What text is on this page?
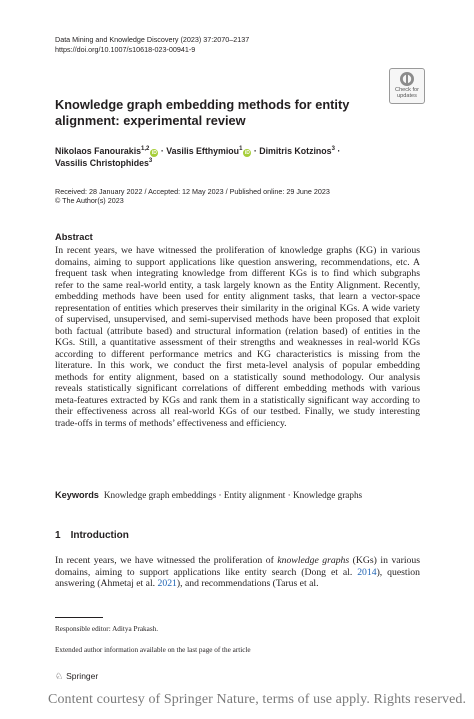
Data Mining and Knowledge Discovery (2023) 37:2070–2137
https://doi.org/10.1007/s10618-023-00941-9
Check for
updates
Knowledge graph embedding methods for entity
alignment: experimental review
Nikolaos Fanourakis$^{1,2}$iD · Vasilis Efthymiou$^1$iD · Dimitris Kotzinos$^3$ ·
Vassilis Christophides$^3$
Received: 28 January 2022 / Accepted: 12 May 2023 / Published online: 29 June 2023
© The Author(s) 2023
Abstract
In recent years, we have witnessed the proliferation of knowledge graphs (KG) in various domains, aiming to support applications like question answering, recommendations, etc. A frequent task when integrating knowledge from different KGs is to find which subgraphs refer to the same real-world entity, a task largely known as the Entity Alignment. Recently, embedding methods have been used for entity alignment tasks, that learn a vector-space representation of entities which preserves their similarity in the original KGs. A wide variety of supervised, unsupervised, and semi-supervised methods have been proposed that exploit both factual (attribute based) and structural information (relation based) of entities in the KGs. Still, a quantitative assessment of their strengths and weaknesses in real-world KGs according to different performance metrics and KG characteristics is missing from the literature. In this work, we conduct the first meta-level analysis of popular embedding methods for entity alignment, based on a statistically sound methodology. Our analysis reveals statistically significant correlations of different embedding methods with various meta-features extracted by KGs and rank them in a statistically significant way according to their effectiveness across all real-world KGs of our testbed. Finally, we study interesting trade-offs in terms of methods’ effectiveness and efficiency.
Keywords Knowledge graph embeddings · Entity alignment · Knowledge graphs
1 Introduction
In recent years, we have witnessed the proliferation of knowledge graphs (KGs) in various domains, aiming to support applications like entity search (Dong et al. 2014), question answering (Ahmetaj et al. 2021), and recommendations (Tarus et al.
Responsible editor: Aditya Prakash.
Extended author information available on the last page of the article
♘ Springer
Content courtesy of Springer Nature, terms of use apply. Rights reserved.
